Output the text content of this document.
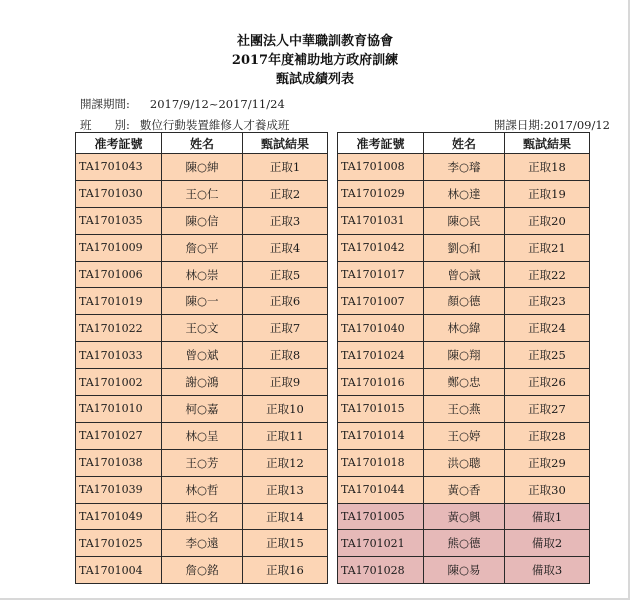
社團法人中華職訓教育協會
2017年度補助地方政府訓練
甄試成績列表
開課期間: 2017/9/12~2017/11/24
班　　別: 數位行動裝置維修人才養成班	開課日期:2017/09/12
准考証號	姓名	甄試結果
TA1701043	陳○紳	正取1
TA1701030	王○仁	正取2
TA1701035	陳○信	正取3
TA1701009	詹○平	正取4
TA1701006	林○崇	正取5
TA1701019	陳○一	正取6
TA1701022	王○文	正取7
TA1701033	曾○斌	正取8
TA1701002	謝○鴻	正取9
TA1701010	柯○嘉	正取10
TA1701027	林○呈	正取11
TA1701038	王○芳	正取12
TA1701039	林○哲	正取13
TA1701049	莊○名	正取14
TA1701025	李○遠	正取15
TA1701004	詹○銘	正取16
准考証號	姓名	甄試結果
TA1701008	李○璿	正取18
TA1701029	林○達	正取19
TA1701031	陳○民	正取20
TA1701042	劉○和	正取21
TA1701017	曾○誠	正取22
TA1701007	顏○德	正取23
TA1701040	林○緯	正取24
TA1701024	陳○翔	正取25
TA1701016	鄭○忠	正取26
TA1701015	王○燕	正取27
TA1701014	王○婷	正取28
TA1701018	洪○聰	正取29
TA1701044	黃○香	正取30
TA1701005	黃○興	備取1
TA1701021	熊○德	備取2
TA1701028	陳○易	備取3
